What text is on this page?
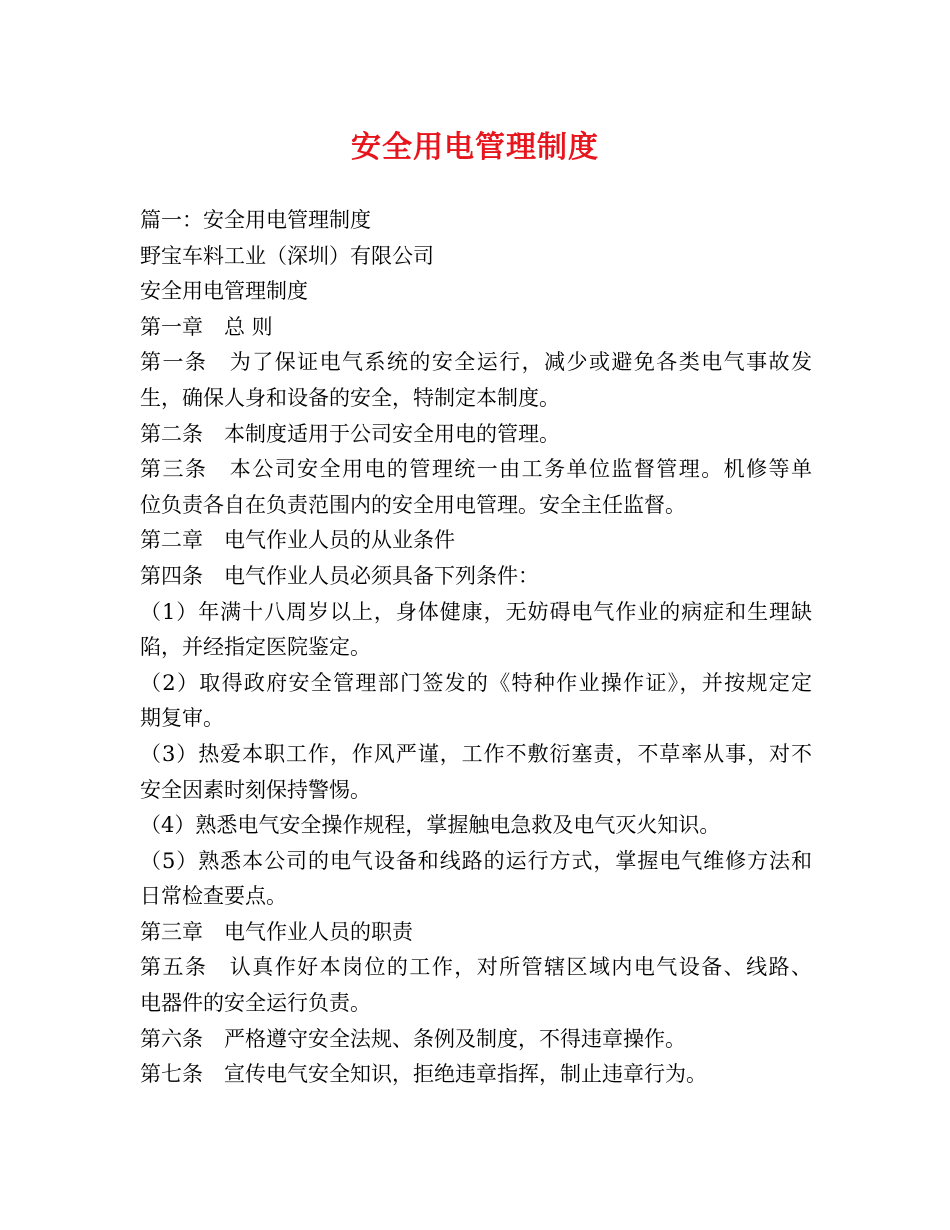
安全用电管理制度
篇一：安全用电管理制度
野宝车料工业（深圳）有限公司
安全用电管理制度
第一章　总 则
第一条　为了保证电气系统的安全运行，减少或避免各类电气事故发
生，确保人身和设备的安全，特制定本制度。
第二条　本制度适用于公司安全用电的管理。
第三条　本公司安全用电的管理统一由工务单位监督管理。机修等单
位负责各自在负责范围内的安全用电管理。安全主任监督。
第二章　电气作业人员的从业条件
第四条　电气作业人员必须具备下列条件：
（1）年满十八周岁以上，身体健康，无妨碍电气作业的病症和生理缺
陷，并经指定医院鉴定。
（2）取得政府安全管理部门签发的《特种作业操作证》，并按规定定
期复审。
（3）热爱本职工作，作风严谨，工作不敷衍塞责，不草率从事，对不
安全因素时刻保持警惕。
（4）熟悉电气安全操作规程，掌握触电急救及电气灭火知识。
（5）熟悉本公司的电气设备和线路的运行方式，掌握电气维修方法和
日常检查要点。
第三章　电气作业人员的职责
第五条　认真作好本岗位的工作，对所管辖区域内电气设备、线路、
电器件的安全运行负责。
第六条　严格遵守安全法规、条例及制度，不得违章操作。
第七条　宣传电气安全知识，拒绝违章指挥，制止违章行为。
